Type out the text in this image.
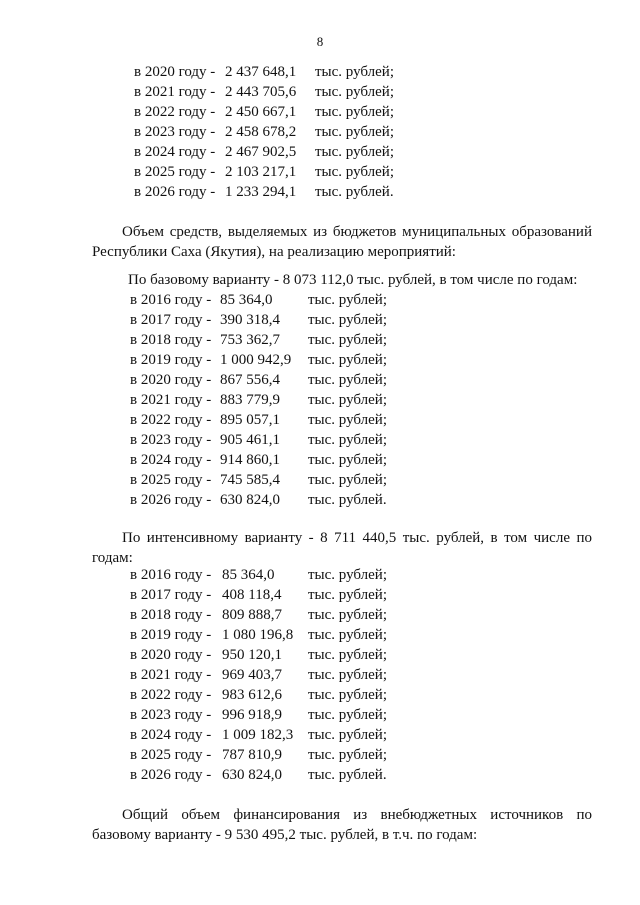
8
в 2020 году - 2 437 648,1 тыс. рублей;
в 2021 году - 2 443 705,6 тыс. рублей;
в 2022 году - 2 450 667,1 тыс. рублей;
в 2023 году - 2 458 678,2 тыс. рублей;
в 2024 году - 2 467 902,5 тыс. рублей;
в 2025 году - 2 103 217,1 тыс. рублей;
в 2026 году - 1 233 294,1 тыс. рублей.

Объем средств, выделяемых из бюджетов муниципальных образований Республики Саха (Якутия), на реализацию мероприятий:

По базовому варианту - 8 073 112,0 тыс. рублей, в том числе по годам:

в 2016 году - 85 364,0 тыс. рублей;
в 2017 году - 390 318,4 тыс. рублей;
в 2018 году - 753 362,7 тыс. рублей;
в 2019 году - 1 000 942,9 тыс. рублей;
в 2020 году - 867 556,4 тыс. рублей;
в 2021 году - 883 779,9 тыс. рублей;
в 2022 году - 895 057,1 тыс. рублей;
в 2023 году - 905 461,1 тыс. рублей;
в 2024 году - 914 860,1 тыс. рублей;
в 2025 году - 745 585,4 тыс. рублей;
в 2026 году - 630 824,0 тыс. рублей.

По интенсивному варианту - 8 711 440,5 тыс. рублей, в том числе по годам:

в 2016 году - 85 364,0 тыс. рублей;
в 2017 году - 408 118,4 тыс. рублей;
в 2018 году - 809 888,7 тыс. рублей;
в 2019 году - 1 080 196,8 тыс. рублей;
в 2020 году - 950 120,1 тыс. рублей;
в 2021 году - 969 403,7 тыс. рублей;
в 2022 году - 983 612,6 тыс. рублей;
в 2023 году - 996 918,9 тыс. рублей;
в 2024 году - 1 009 182,3 тыс. рублей;
в 2025 году - 787 810,9 тыс. рублей;
в 2026 году - 630 824,0 тыс. рублей.

Общий объем финансирования из внебюджетных источников по базовому варианту - 9 530 495,2 тыс. рублей, в т.ч. по годам:
